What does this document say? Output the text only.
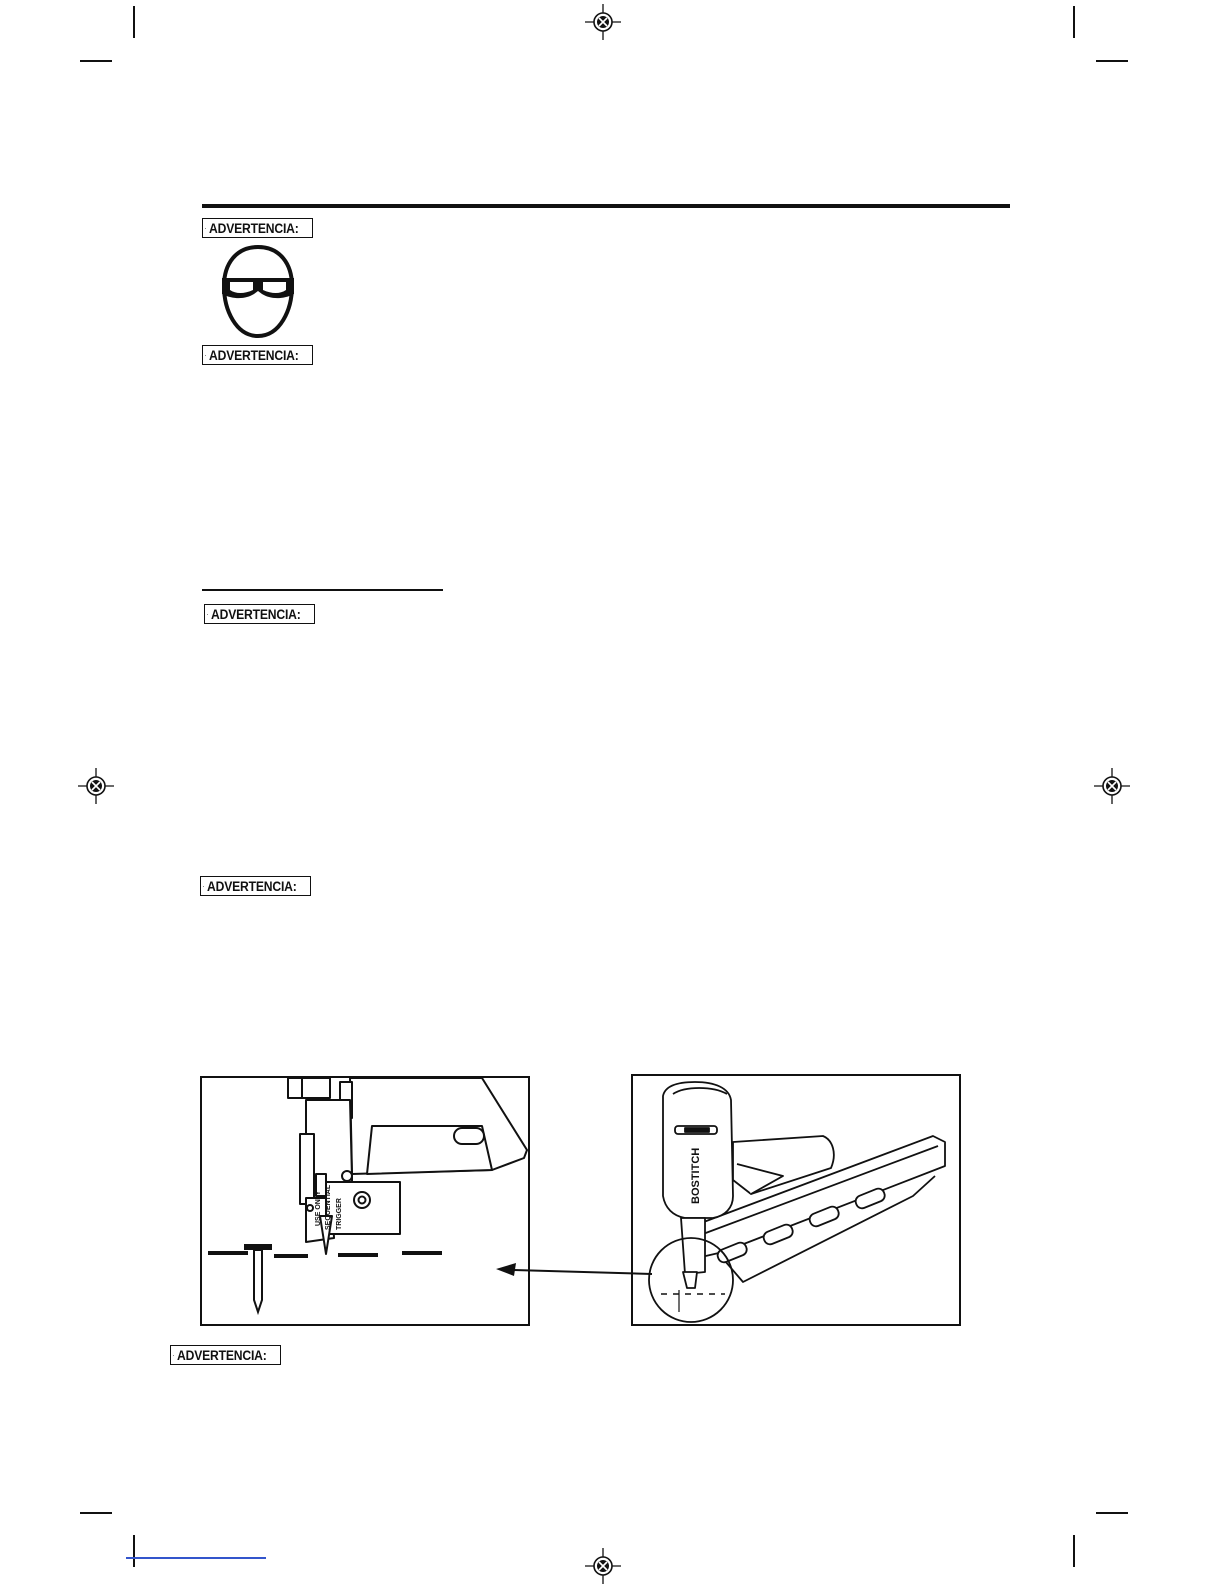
ADVERTENCIA:
ADVERTENCIA:
ADVERTENCIA:
ADVERTENCIA:
USE ONLY SEQUENTIAL TRIGGER
BOSTITCH
ADVERTENCIA:
